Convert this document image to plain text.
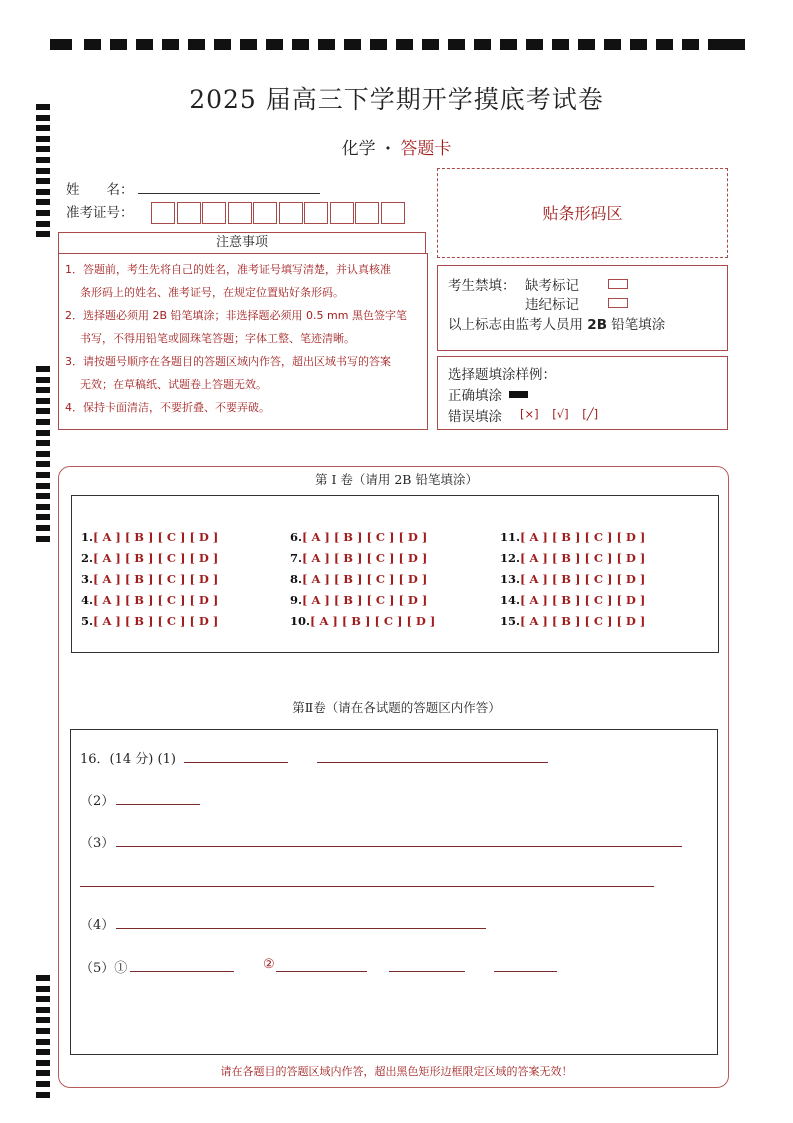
2025 届高三下学期开学摸底考试卷
化学 · 答题卡
姓　　名：
准考证号：	贴条形码区
注意事项
1．答题前，考生先将自己的姓名，准考证号填写清楚，并认真核准
条形码上的姓名、准考证号，在规定位置贴好条形码。
2．选择题必须用 2B 铅笔填涂；非选择题必须用 0.5 mm 黑色签字笔
书写，不得用铅笔或圆珠笔答题；字体工整、笔迹清晰。
3．请按题号顺序在各题目的答题区域内作答，超出区域书写的答案
无效；在草稿纸、试题卷上答题无效。
4．保持卡面清洁，不要折叠、不要弄破。
考生禁填： 缺考标记
违纪标记
以上标志由监考人员用 2B 铅笔填涂
选择题填涂样例：
正确填涂
错误填涂 [×] [√] [╱]
第 I 卷（请用 2B 铅笔填涂）
1.[ A ] [ B ] [ C ] [ D ]
2.[ A ] [ B ] [ C ] [ D ]
3.[ A ] [ B ] [ C ] [ D ]
4.[ A ] [ B ] [ C ] [ D ]
5.[ A ] [ B ] [ C ] [ D ]
6.[ A ] [ B ] [ C ] [ D ]
7.[ A ] [ B ] [ C ] [ D ]
8.[ A ] [ B ] [ C ] [ D ]
9.[ A ] [ B ] [ C ] [ D ]
10.[ A ] [ B ] [ C ] [ D ]
11.[ A ] [ B ] [ C ] [ D ]
12.[ A ] [ B ] [ C ] [ D ]
13.[ A ] [ B ] [ C ] [ D ]
14.[ A ] [ B ] [ C ] [ D ]
15.[ A ] [ B ] [ C ] [ D ]
第Ⅱ卷（请在各试题的答题区内作答）
16．(14 分) (1)
（2）
（3）
（4）
（5）①	②
请在各题目的答题区域内作答，超出黑色矩形边框限定区域的答案无效！
